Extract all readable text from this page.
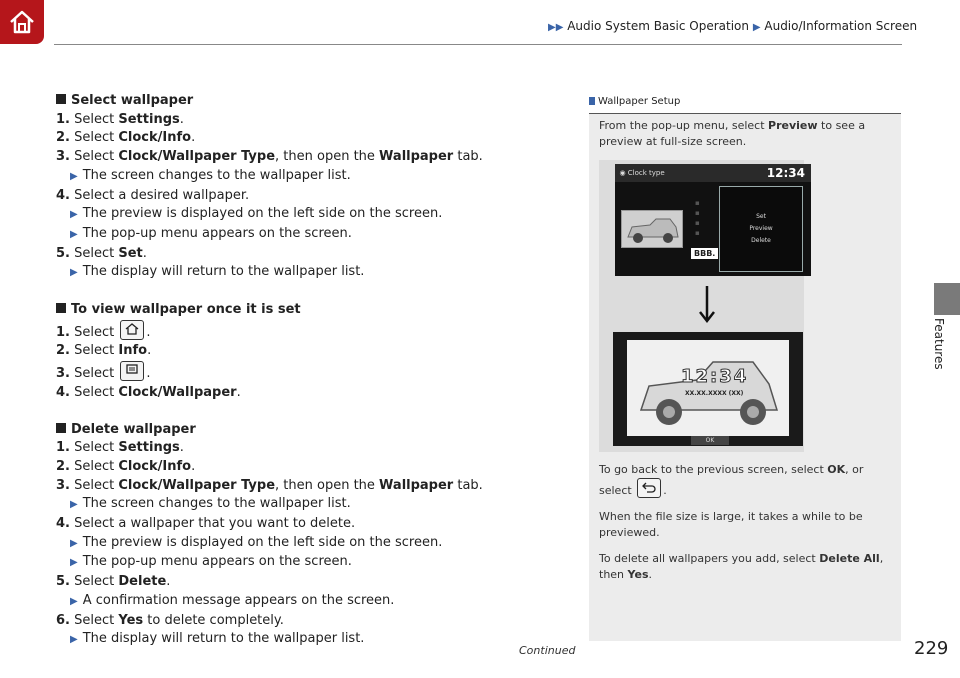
▶▶ Audio System Basic Operation ▶ Audio/Information Screen
Features
Select wallpaper
1. Select Settings.
2. Select Clock/Info.
3. Select Clock/Wallpaper Type, then open the Wallpaper tab.
▶ The screen changes to the wallpaper list.
4. Select a desired wallpaper.
▶ The preview is displayed on the left side on the screen.
▶ The pop-up menu appears on the screen.
5. Select Set.
▶ The display will return to the wallpaper list.
To view wallpaper once it is set
1. Select
.
2. Select Info.
3. Select
.
4. Select Clock/Wallpaper.
Delete wallpaper
1. Select Settings.
2. Select Clock/Info.
3. Select Clock/Wallpaper Type, then open the Wallpaper tab.
▶ The screen changes to the wallpaper list.
4. Select a wallpaper that you want to delete.
▶ The preview is displayed on the left side on the screen.
▶ The pop-up menu appears on the screen.
5. Select Delete.
▶ A confirmation message appears on the screen.
6. Select Yes to delete completely.
▶ The display will return to the wallpaper list.
Wallpaper Setup

From the pop-up menu, select Preview to see a preview at full-size screen.

◉ Clock type	12:34
▪
▪
▪
▪
Set
Preview
Delete
BBB.
12:34
XX.XX.XXXX (XX)
OK

To go back to the previous screen, select OK, or select	.

When the file size is large, it takes a while to be previewed.

To delete all wallpapers you add, select Delete All, then Yes.

Continued	229
